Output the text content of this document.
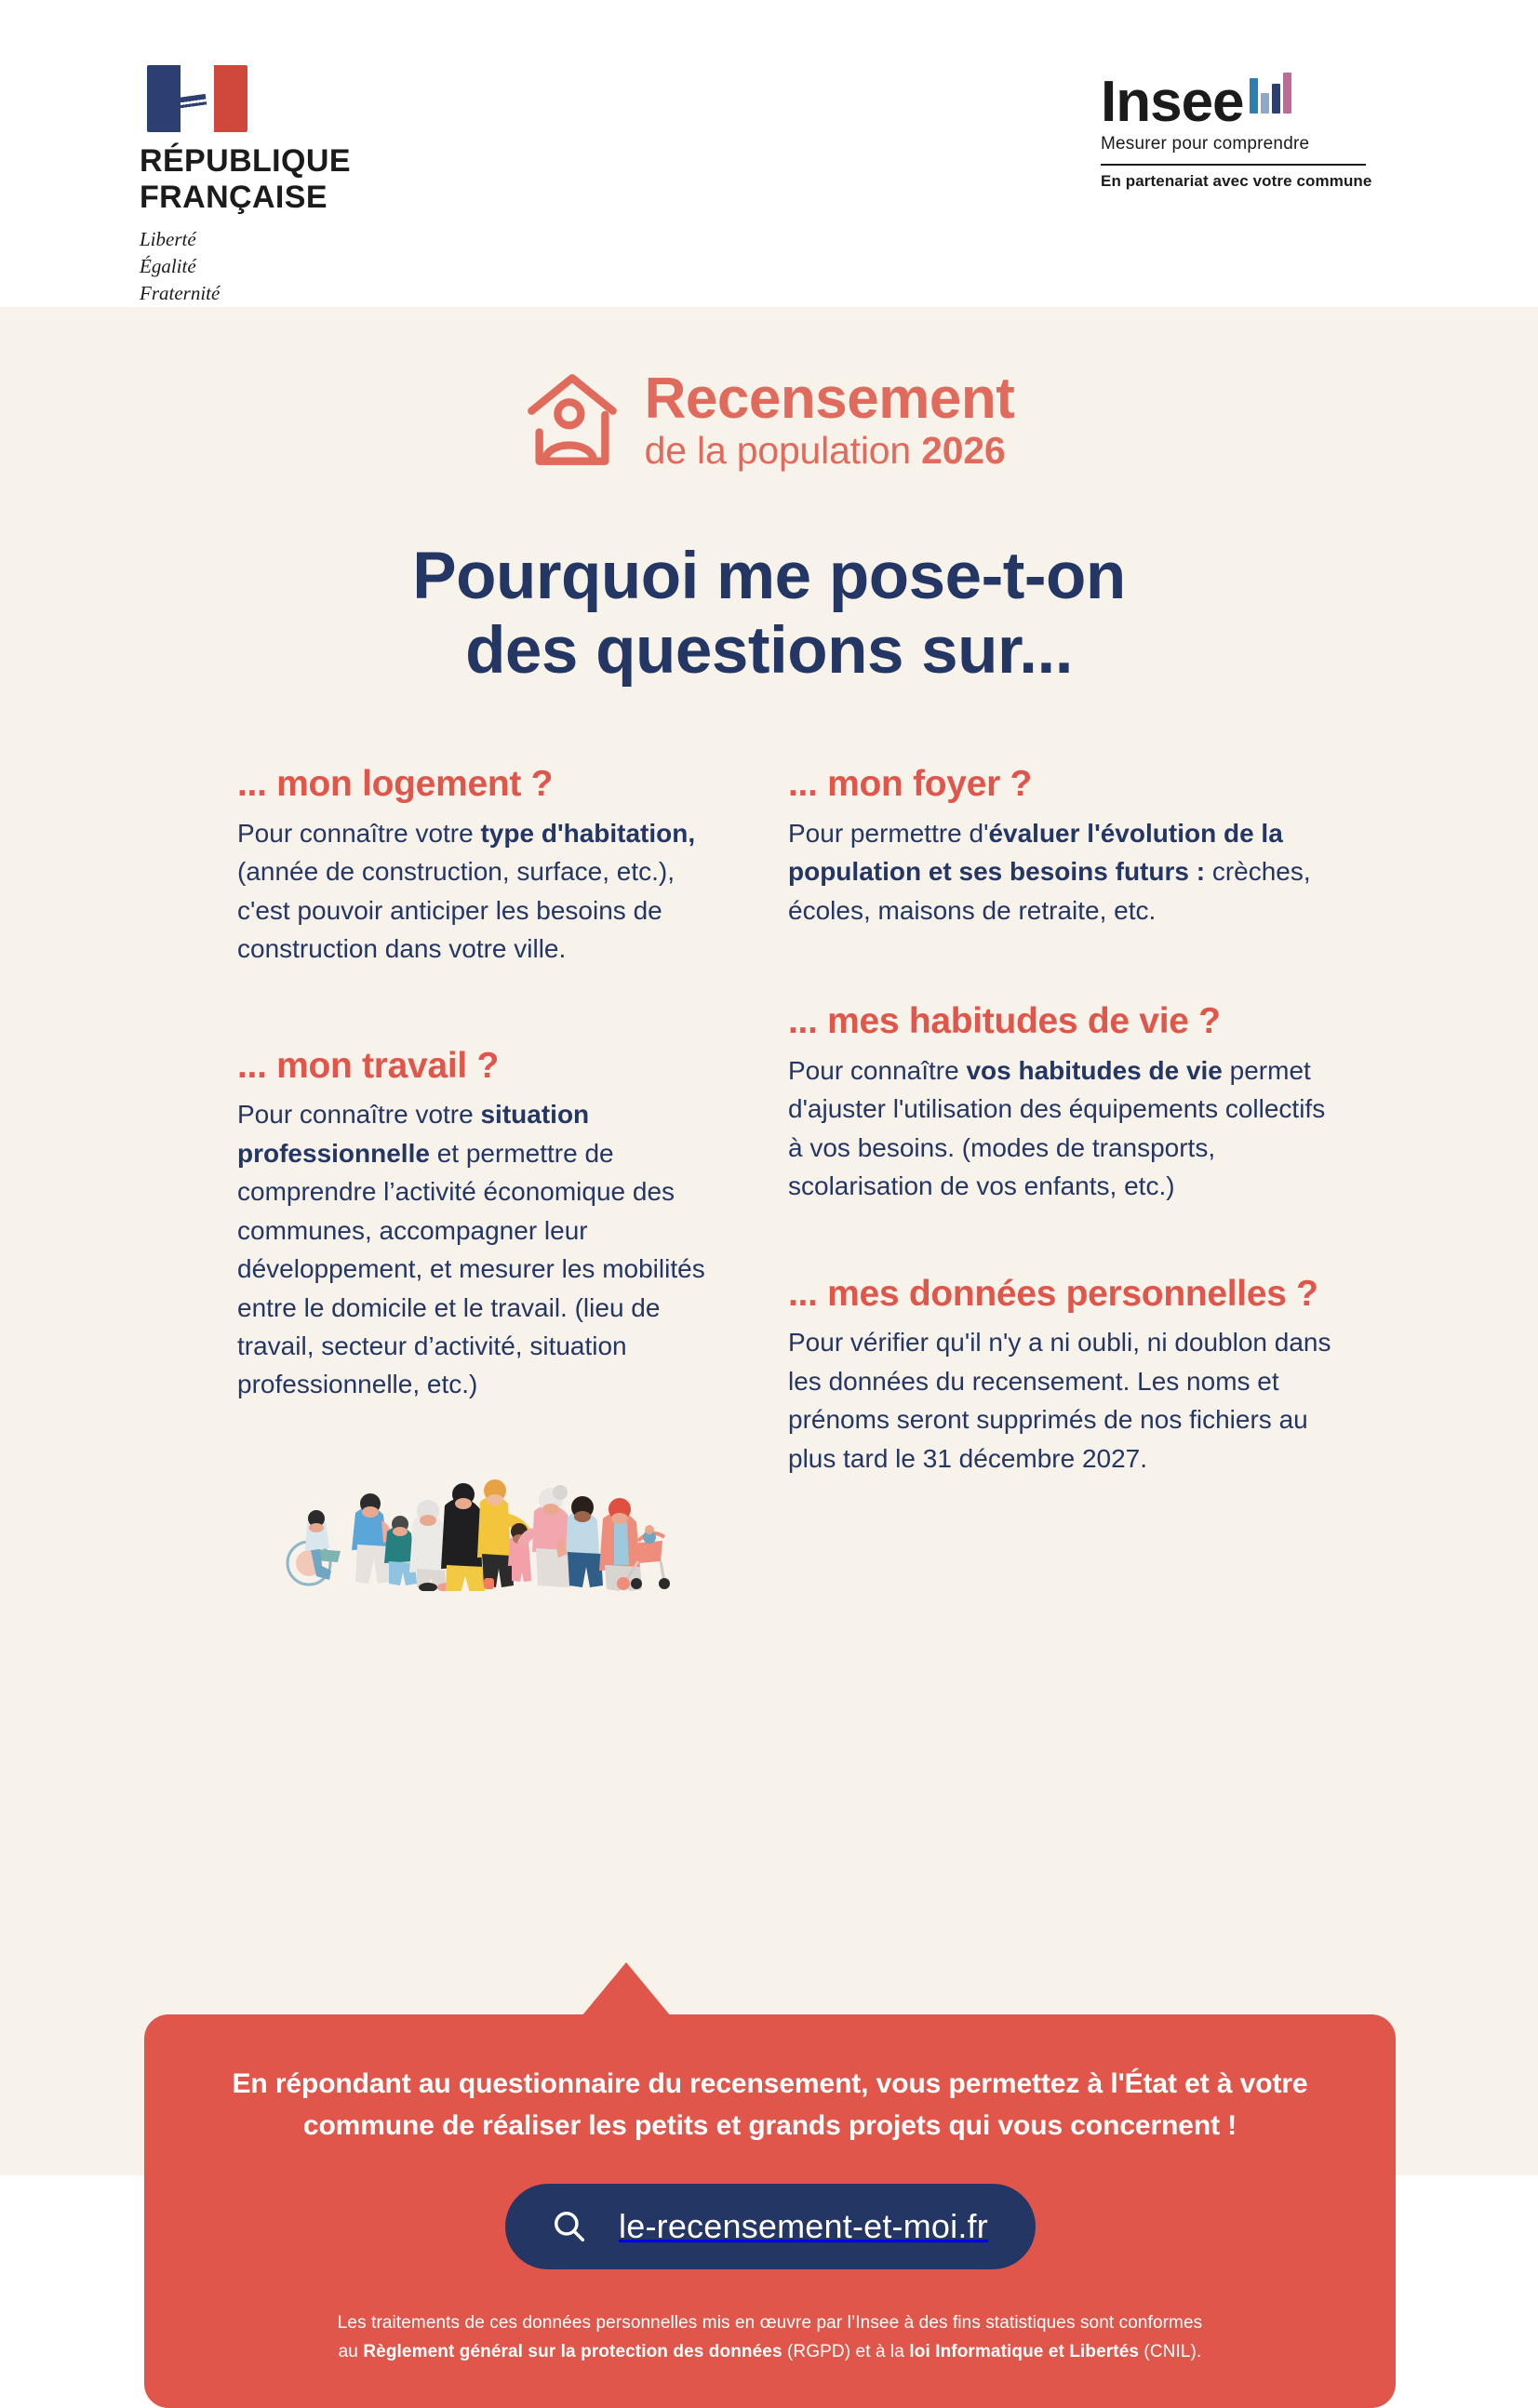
RÉPUBLIQUE
FRANÇAISE
Liberté
Égalité
Fraternité
Insee
Mesurer pour comprendre
En partenariat avec votre commune
Recensement
de la population 2026
Pourquoi me pose-t-on
des questions sur...
... mon logement ?
Pour connaître votre type d'habitation, (année de construction, surface, etc.), c'est pouvoir anticiper les besoins de construction dans votre ville.
... mon travail ?
Pour connaître votre situation professionnelle et permettre de comprendre l’activité économique des communes, accompagner leur développement, et mesurer les mobilités entre le domicile et le travail. (lieu de travail, secteur d’activité, situation professionnelle, etc.)
... mon foyer ?
Pour permettre d'évaluer l'évolution de la population et ses besoins futurs : crèches, écoles, maisons de retraite, etc.
... mes habitudes de vie ?
Pour connaître vos habitudes de vie permet d'ajuster l'utilisation des équipements collectifs à vos besoins. (modes de transports, scolarisation de vos enfants, etc.)
... mes données personnelles ?
Pour vérifier qu'il n'y a ni oubli, ni doublon dans les données du recensement. Les noms et prénoms seront supprimés de nos fichiers au plus tard le 31 décembre 2027.
En répondant au questionnaire du recensement, vous permettez à l'État et à votre
commune de réaliser les petits et grands projets qui vous concernent !
le-recensement-et-moi.fr
Les traitements de ces données personnelles mis en œuvre par l’Insee à des fins statistiques sont conformes
au Règlement général sur la protection des données (RGPD) et à la loi Informatique et Libertés (CNIL).
